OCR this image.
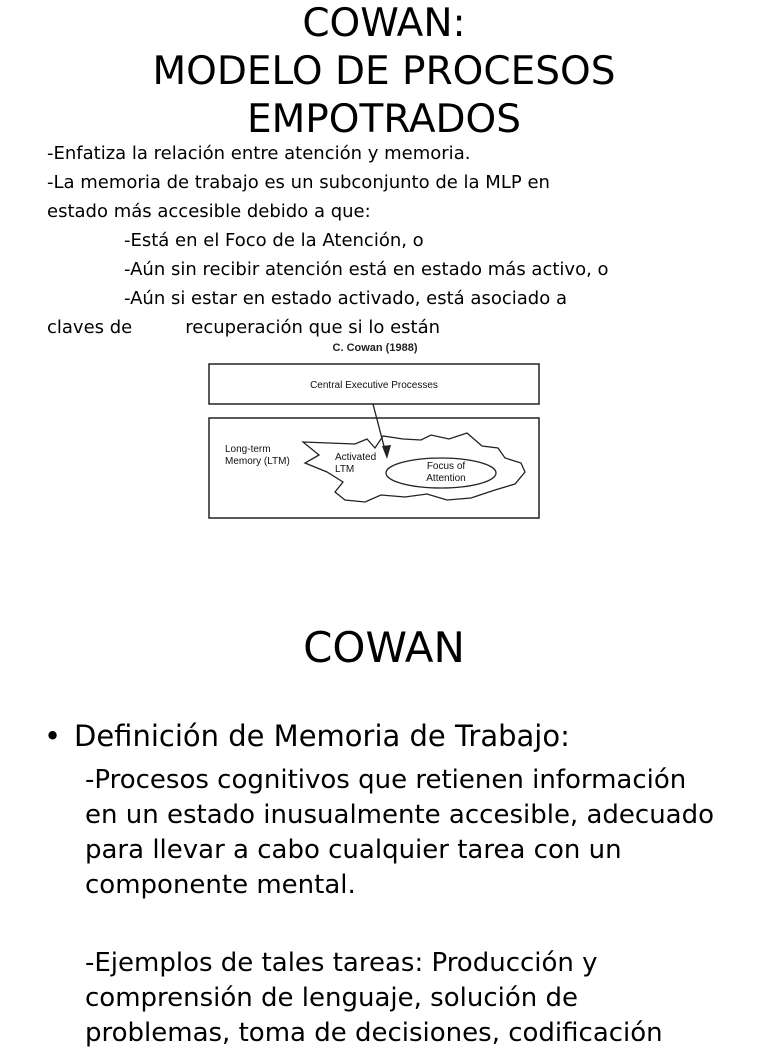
COWAN:
MODELO DE PROCESOS
EMPOTRADOS

-Enfatiza la relación entre atención y memoria.

-La memoria de trabajo es un subconjunto de la MLP en

estado más accesible debido a que:

-Está en el Foco de la Atención, o

-Aún sin recibir atención está en estado más activo, o

-Aún si estar en estado activado, está asociado a

claves de	recuperación que si lo están

C. Cowan (1988)
Central Executive Processes
Long-term
Memory (LTM)	Activated
LTM	Focus of
Attention
COWAN
• Definición de Memoria de Trabajo:

-Procesos cognitivos que retienen información en un estado inusualmente accesible, adecuado para llevar a cabo cualquier tarea con un componente mental.

-Ejemplos de tales tareas: Producción y comprensión de lenguaje, solución de problemas, toma de decisiones, codificación
